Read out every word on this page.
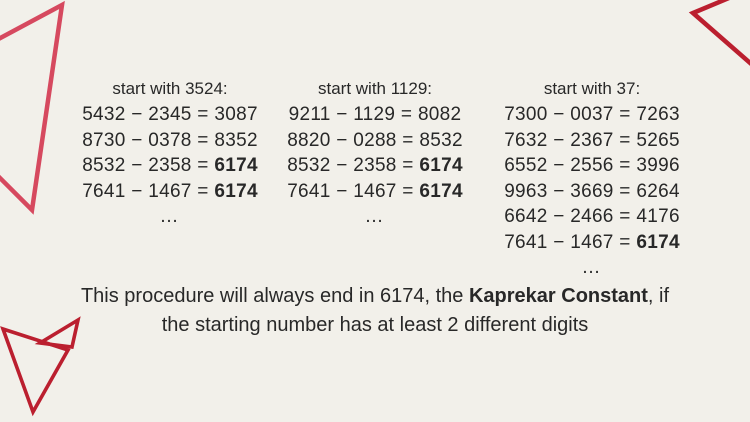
start with 3524:
5432 − 2345 = 3087
8730 − 0378 = 8352
8532 − 2358 = 6174
7641 − 1467 = 6174
…
start with 1129:
9211 − 1129 = 8082
8820 − 0288 = 8532
8532 − 2358 = 6174
7641 − 1467 = 6174
…
start with 37:
7300 − 0037 = 7263
7632 − 2367 = 5265
6552 − 2556 = 3996
9963 − 3669 = 6264
6642 − 2466 = 4176
7641 − 1467 = 6174
…
This procedure will always end in 6174, the Kaprekar Constant, if
the starting number has at least 2 different digits
